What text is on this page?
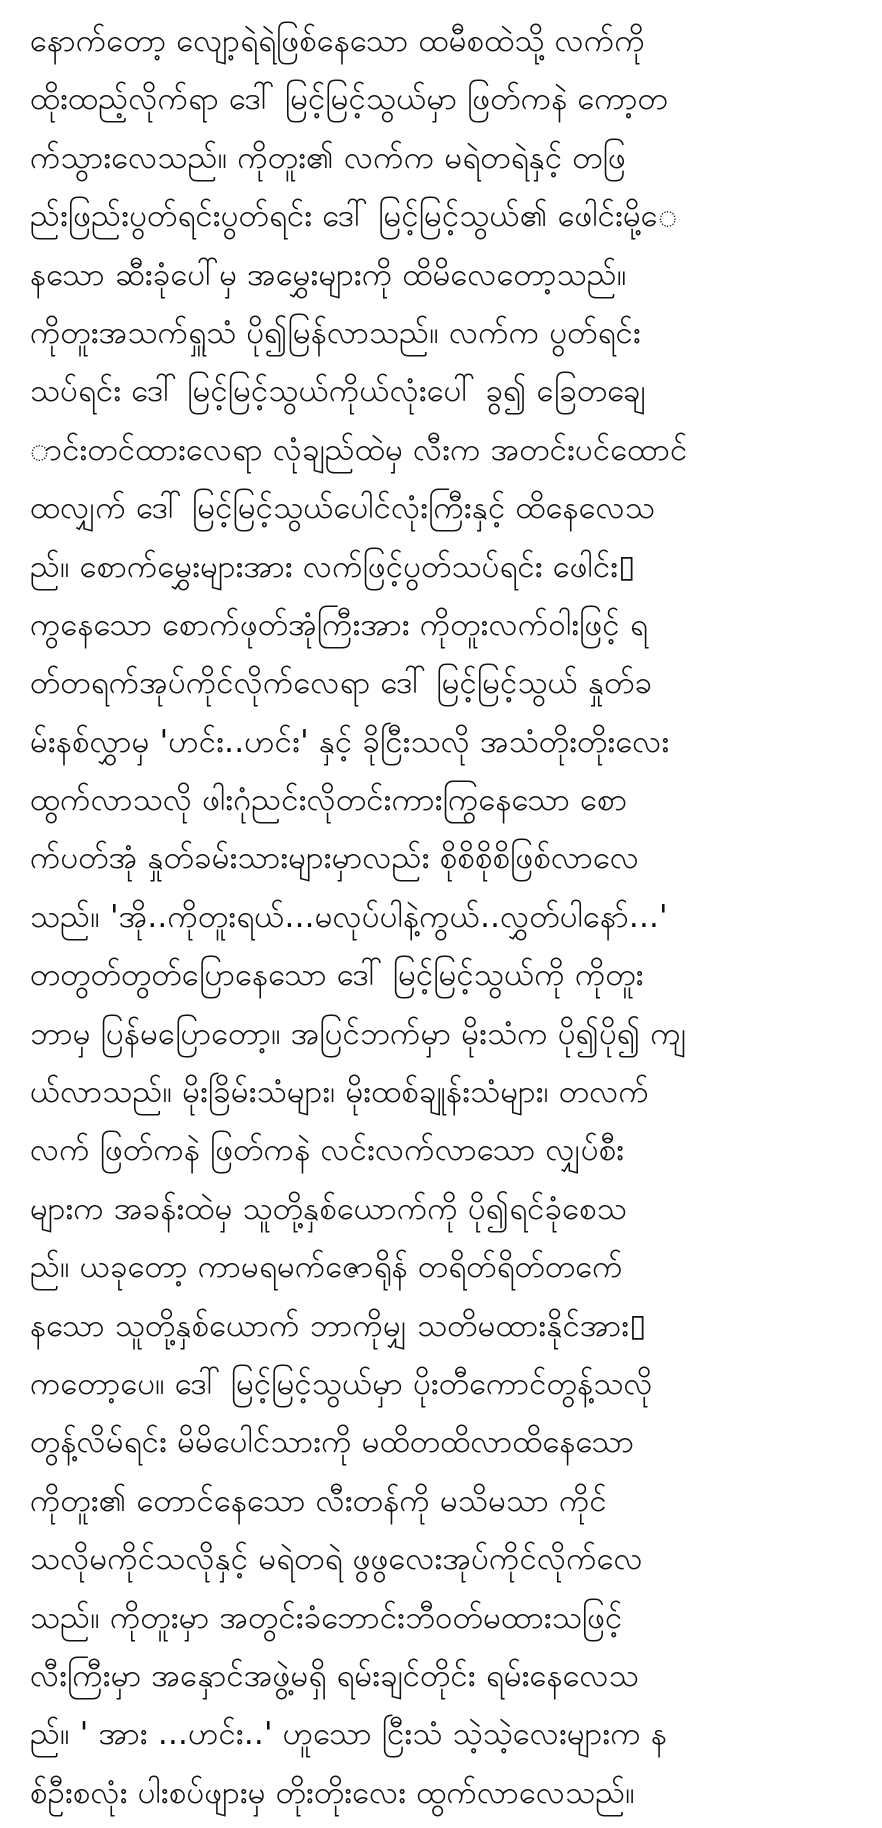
နောက်တော့ လျော့ရဲရဲဖြစ်နေသော ထမီစထဲသို့ လက်ကို
ထိုးထည့်လိုက်ရာ ဒေါ် မြင့်မြင့်သွယ်မှာ ဖြတ်ကနဲ ကော့တ
က်သွားလေသည်။ ကိုတူး၏ လက်က မရဲတရဲနှင့် တဖြ
ည်းဖြည်းပွတ်ရင်းပွတ်ရင်း ဒေါ် မြင့်မြင့်သွယ်၏ ဖေါင်းမို့ေ
နသော ဆီးခုံပေါ်မှ အမွှေးများကို ထိမိလေတော့သည်။
ကိုတူးအသက်ရှူသံ ပို၍မြန်လာသည်။ လက်က ပွတ်ရင်း
သပ်ရင်း ဒေါ် မြင့်မြင့်သွယ်ကိုယ်လုံးပေါ် ခွ၍ ခြေတချေ
ာင်းတင်ထားလေရာ လုံချည်ထဲမှ လီးက အတင်းပင်ထောင်
ထလျှက် ဒေါ် မြင့်မြင့်သွယ်ပေါင်လုံးကြီးနှင့် ထိနေလေသ
ည်။ စောက်မွှေးများအား လက်ဖြင့်ပွတ်သပ်ရင်း ဖေါင်း▯
ကွနေသော စောက်ဖုတ်အုံကြီးအား ကိုတူးလက်ဝါးဖြင့် ရ
တ်တရက်အုပ်ကိုင်လိုက်လေရာ ဒေါ် မြင့်မြင့်သွယ် နှုတ်ခ
မ်းနစ်လွှာမှ 'ဟင်း..ဟင်း' နှင့် ခိုငြီးသလို အသံတိုးတိုးလေး
ထွက်လာသလို ဖါးဂုံညင်းလိုတင်းကားကြွနေသော စော
က်ပတ်အုံ နှုတ်ခမ်းသားများမှာလည်း စိုစိစိုစိဖြစ်လာလေ
သည်။ 'အို..ကိုတူးရယ်...မလုပ်ပါနဲ့ကွယ်..လွှတ်ပါနော်...'
တတွတ်တွတ်ပြောနေသော ဒေါ် မြင့်မြင့်သွယ်ကို ကိုတူး
ဘာမှ ပြန်မပြောတော့။ အပြင်ဘက်မှာ မိုးသံက ပို၍ပို၍ ကျ
ယ်လာသည်။ မိုးခြိမ်းသံများ၊ မိုးထစ်ချုန်းသံများ၊ တလက်
လက် ဖြတ်ကနဲ ဖြတ်ကနဲ လင်းလက်လာသော လျှပ်စီး
များက အခန်းထဲမှ သူတို့နှစ်ယောက်ကို ပို၍ရင်ခုံစေသ
ည်။ ယခုတော့ ကာမရမက်ဇောရိုန် တရိတ်ရိတ်တက်ေ
နသော သူတို့နှစ်ယောက် ဘာကိုမျှ သတိမထားနိုင်အား▯
ကတော့ပေ။ ဒေါ် မြင့်မြင့်သွယ်မှာ ပိုးတီကောင်တွန့်သလို
တွန့်လိမ်ရင်း မိမိပေါင်သားကို မထိတထိလာထိနေသော
ကိုတူး၏ တောင်နေသော လီးတန်ကို မသိမသာ ကိုင်
သလိုမကိုင်သလိုနှင့် မရဲတရဲ ဖွဖွလေးအုပ်ကိုင်လိုက်လေ
သည်။ ကိုတူးမှာ အတွင်းခံဘောင်းဘီဝတ်မထားသဖြင့်
လီးကြီးမှာ အနှောင်အဖွဲ့မရှိ ရမ်းချင်တိုင်း ရမ်းနေလေသ
ည်။ ' အား ...ဟင်း..' ဟူသော ငြီးသံ သဲ့သဲ့လေးများက န
စ်ဦးစလုံး ပါးစပ်ဖျားမှ တိုးတိုးလေး ထွက်လာလေသည်။
